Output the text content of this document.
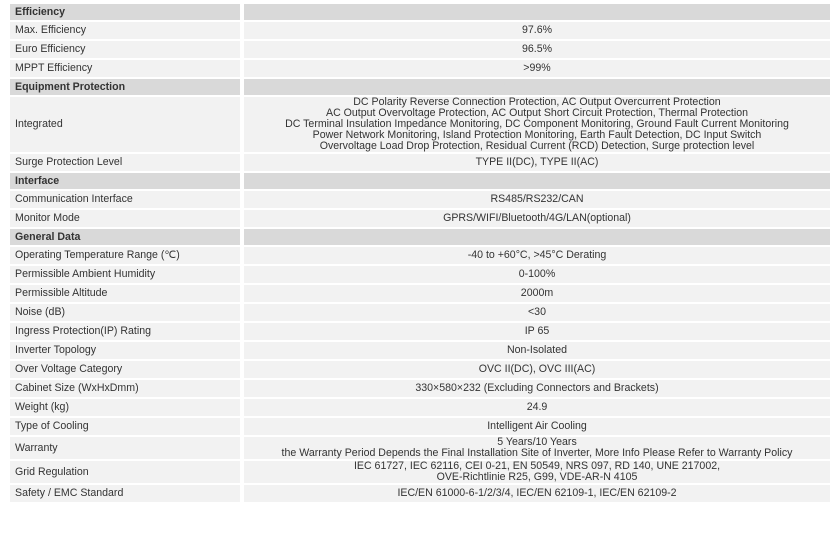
Efficiency	
Max. Efficiency	97.6%

Euro Efficiency	96.5%

MPPT Efficiency	>99%

Equipment Protection	
Integrated	DC Polarity Reverse Connection Protection, AC Output Overcurrent Protection
AC Output Overvoltage Protection, AC Output Short Circuit Protection, Thermal Protection
DC Terminal Insulation Impedance Monitoring, DC Component Monitoring, Ground Fault Current Monitoring
Power Network Monitoring, Island Protection Monitoring, Earth Fault Detection, DC Input Switch
Overvoltage Load Drop Protection, Residual Current (RCD) Detection, Surge protection level

Surge Protection Level	TYPE II(DC), TYPE II(AC)

Interface	
Communication Interface	RS485/RS232/CAN

Monitor Mode	GPRS/WIFI/Bluetooth/4G/LAN(optional)

General Data	
Operating Temperature Range (℃)	-40 to +60°C, >45°C Derating

Permissible Ambient Humidity	0-100%

Permissible Altitude	2000m

Noise (dB)	<30

Ingress Protection(IP) Rating	IP 65

Inverter Topology	Non-Isolated

Over Voltage Category	OVC II(DC), OVC III(AC)

Cabinet Size (WxHxDmm)	330×580×232 (Excluding Connectors and Brackets)

Weight (kg)	24.9

Type of Cooling	Intelligent Air Cooling

Warranty	5 Years/10 Years
the Warranty Period Depends the Final Installation Site of Inverter, More Info Please Refer to Warranty Policy

Grid Regulation	IEC 61727, IEC 62116, CEI 0-21, EN 50549, NRS 097, RD 140, UNE 217002,
OVE-Richtlinie R25, G99, VDE-AR-N 4105

Safety / EMC Standard	IEC/EN 61000-6-1/2/3/4, IEC/EN 62109-1, IEC/EN 62109-2
